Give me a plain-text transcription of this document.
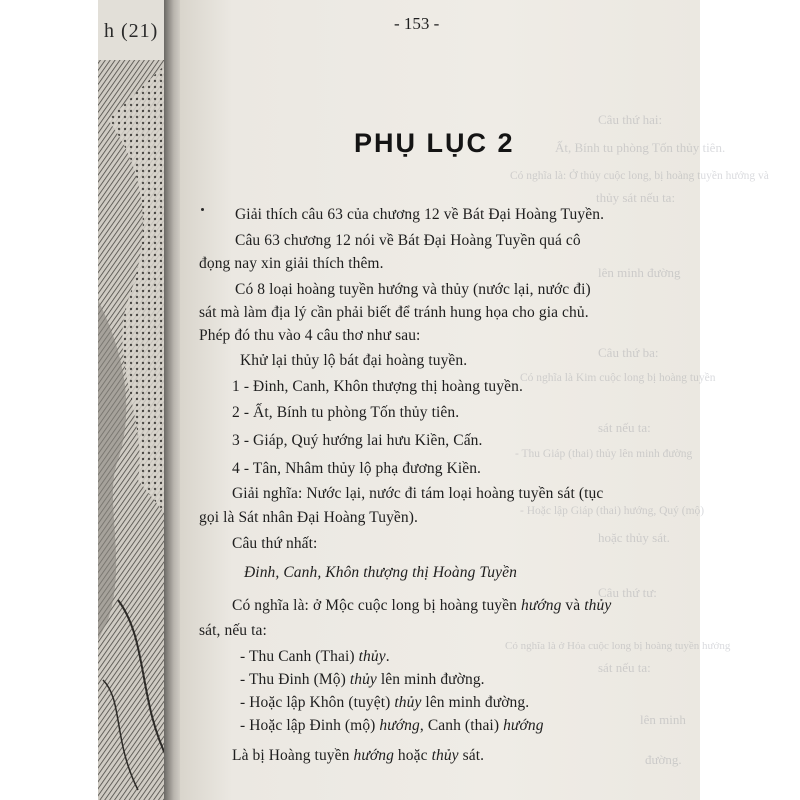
h (21)
Câu thứ hai:
Ất, Bính tu phòng Tốn thủy tiên.
Có nghĩa là: Ở thủy cuộc long, bị hoàng tuyền hướng và
thủy sát nếu ta:
lên minh đường
Câu thứ ba:
Có nghĩa là Kim cuộc long bị hoàng tuyền
sát nếu ta:
- Thu Giáp (thai) thủy lên minh đường
- Hoặc lập Giáp (thai) hướng, Quý (mộ)
hoặc thủy sát.
Câu thứ tư:
Có nghĩa là ở Hỏa cuộc long bị hoàng tuyền hướng
sát nếu ta:
lên minh
đường.
- 153 -
PHỤ LỤC 2
Giải thích câu 63 của chương 12 về Bát Đại Hoàng Tuyền.
Câu 63 chương 12 nói về Bát Đại Hoàng Tuyền quá cô
đọng nay xin giải thích thêm.
Có 8 loại hoàng tuyền hướng và thủy (nước lại, nước đi)
sát mà làm địa lý cần phải biết để tránh hung họa cho gia chủ.
Phép đó thu vào 4 câu thơ như sau:
Khử lại thủy lộ bát đại hoàng tuyền.
1 - Đinh, Canh, Khôn thượng thị hoàng tuyền.
2 - Ất, Bính tu phòng Tốn thủy tiên.
3 - Giáp, Quý hướng lai hưu Kiền, Cấn.
4 - Tân, Nhâm thủy lộ phạ đương Kiền.
Giải nghĩa: Nước lại, nước đi tám loại hoàng tuyền sát (tục
gọi là Sát nhân Đại Hoàng Tuyền).
Câu thứ nhất:
Đinh, Canh, Khôn thượng thị Hoàng Tuyền
Có nghĩa là: ở Mộc cuộc long bị hoàng tuyền hướng và thủy
sát, nếu ta:
- Thu Canh (Thai) thủy.
- Thu Đinh (Mộ) thủy lên minh đường.
- Hoặc lập Khôn (tuyệt) thủy lên minh đường.
- Hoặc lập Đinh (mộ) hướng, Canh (thai) hướng
Là bị Hoàng tuyền hướng hoặc thủy sát.
